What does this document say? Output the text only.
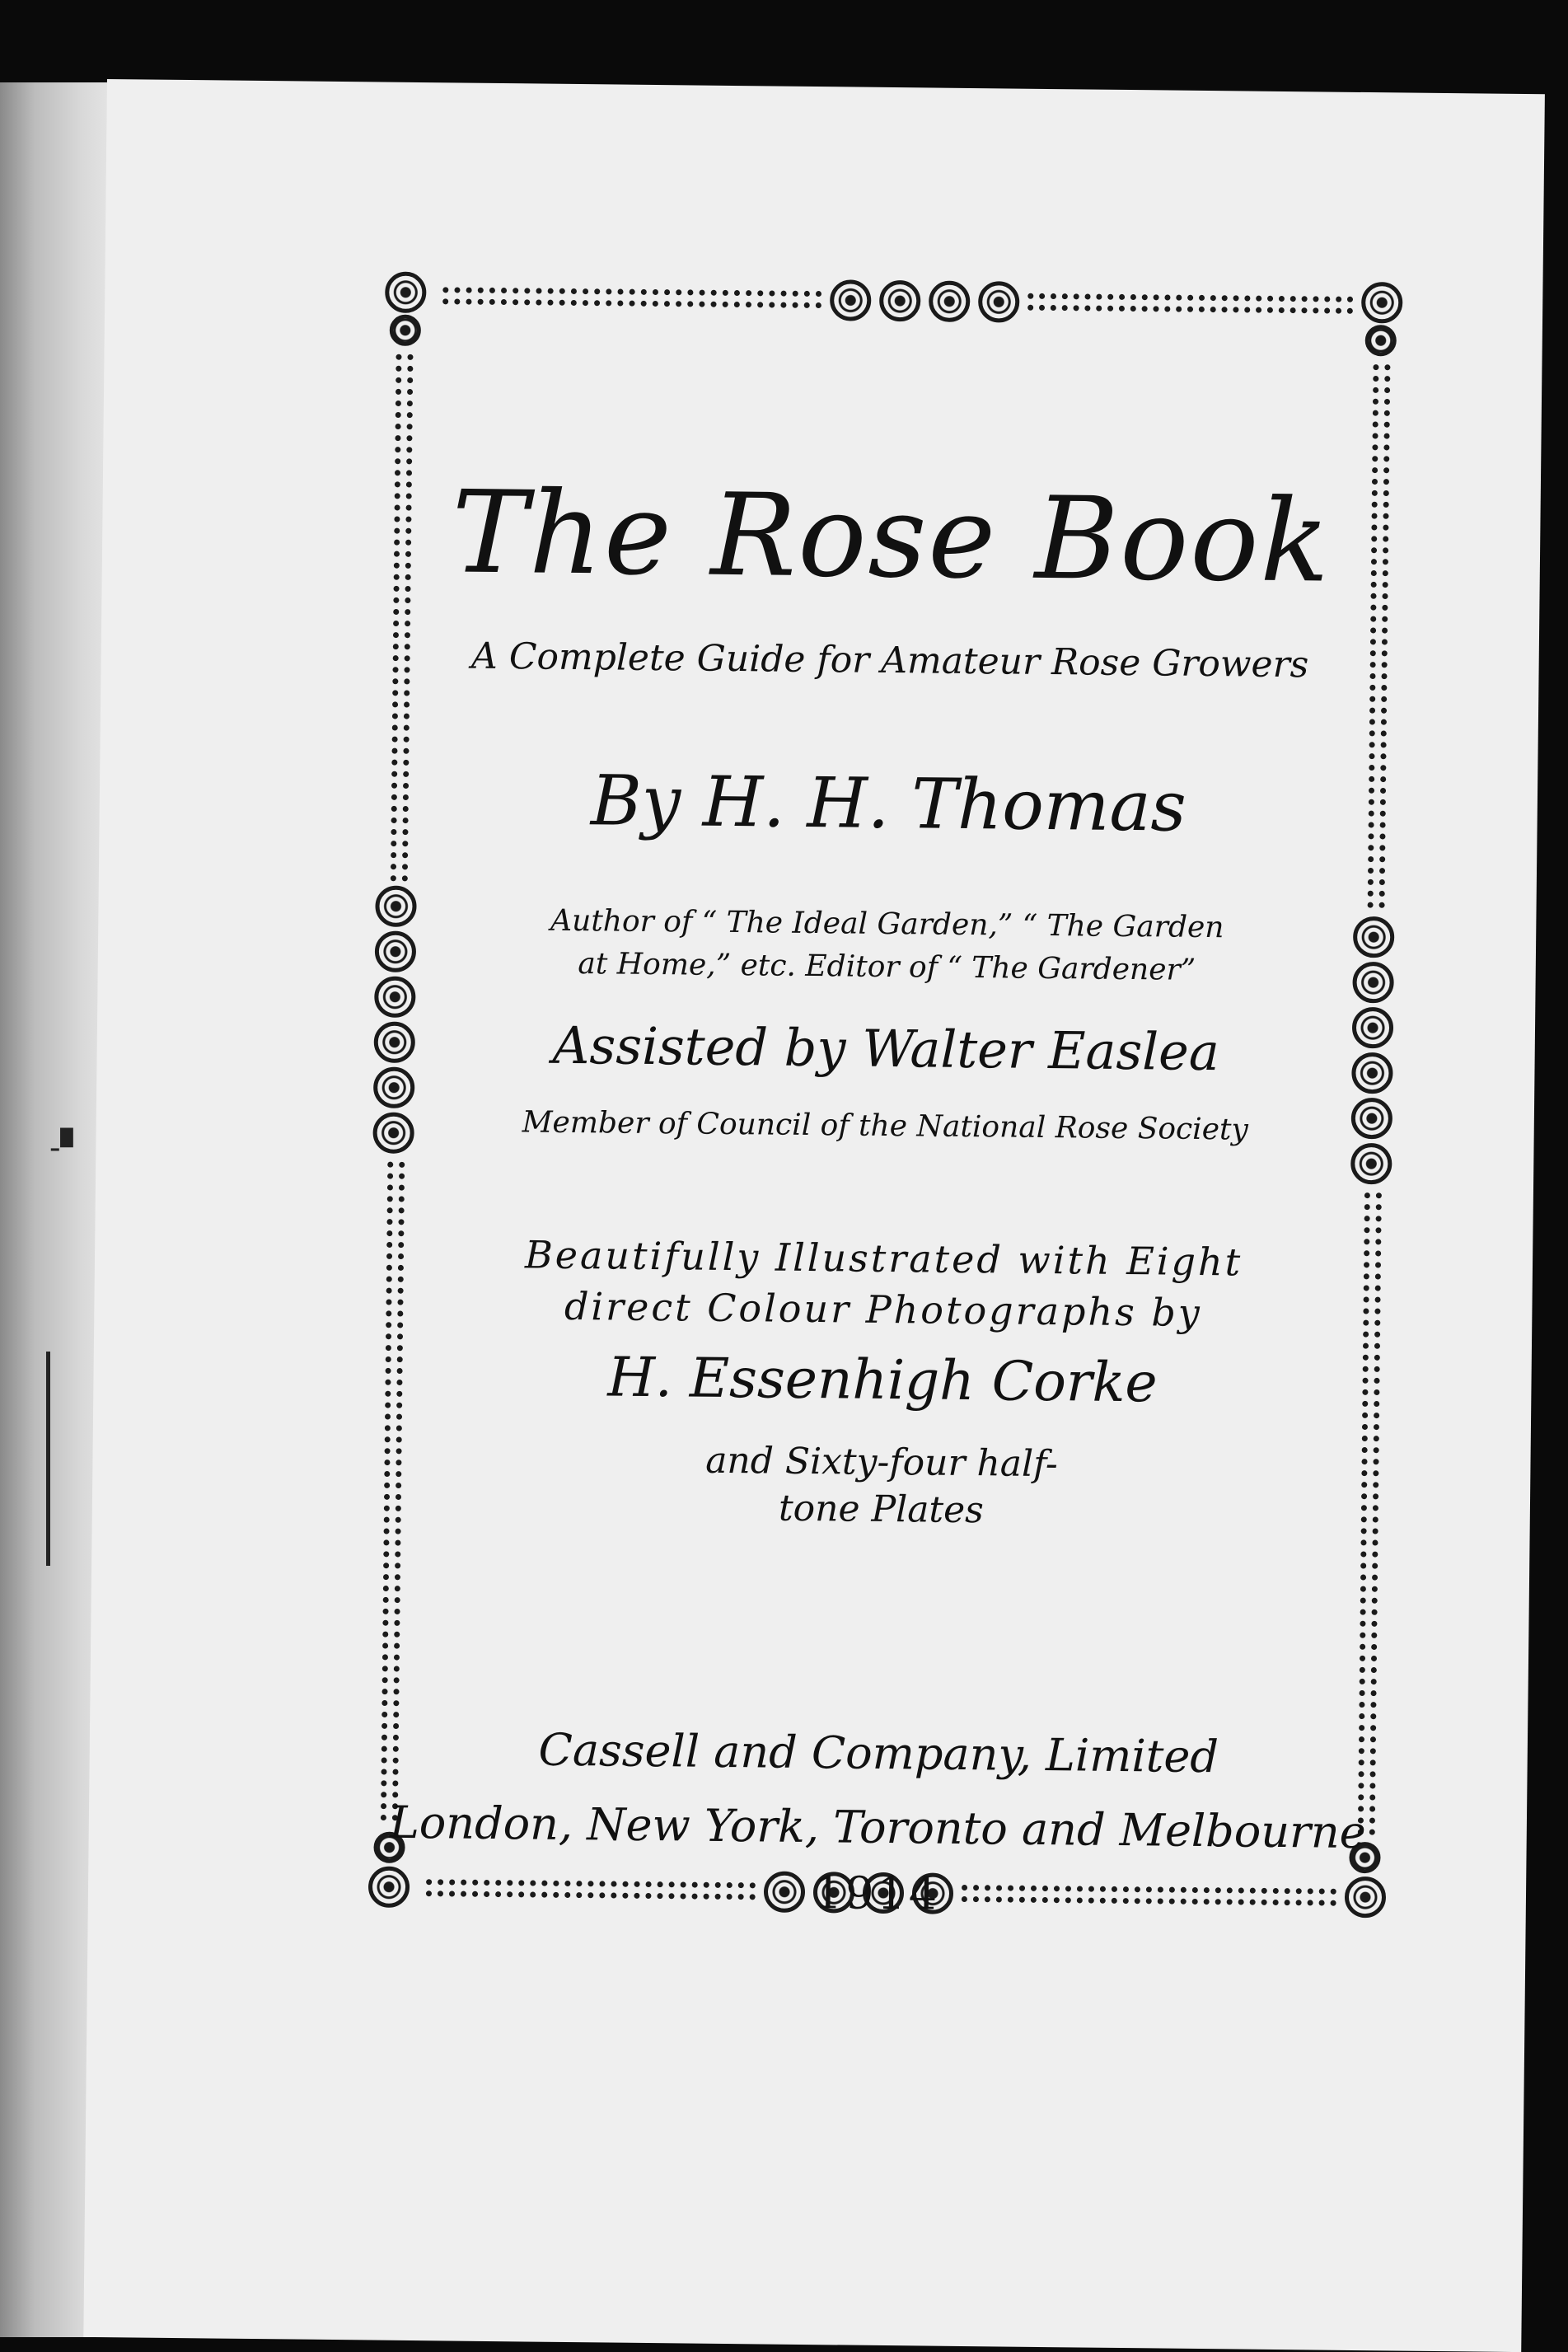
-▘
The Rose Book
A Complete Guide for Amateur Rose Growers
By H. H. Thomas
Author of “ The Ideal Garden,” “ The Garden
at Home,” etc. Editor of “ The Gardener”
Assisted by Walter Easlea
Member of Council of the National Rose Society
Beautifully Illustrated with Eight
direct Colour Photographs by
H. Essenhigh Corke
and Sixty-four half-
tone Plates
Cassell and Company, Limited
London, New York, Toronto and Melbourne
1914
